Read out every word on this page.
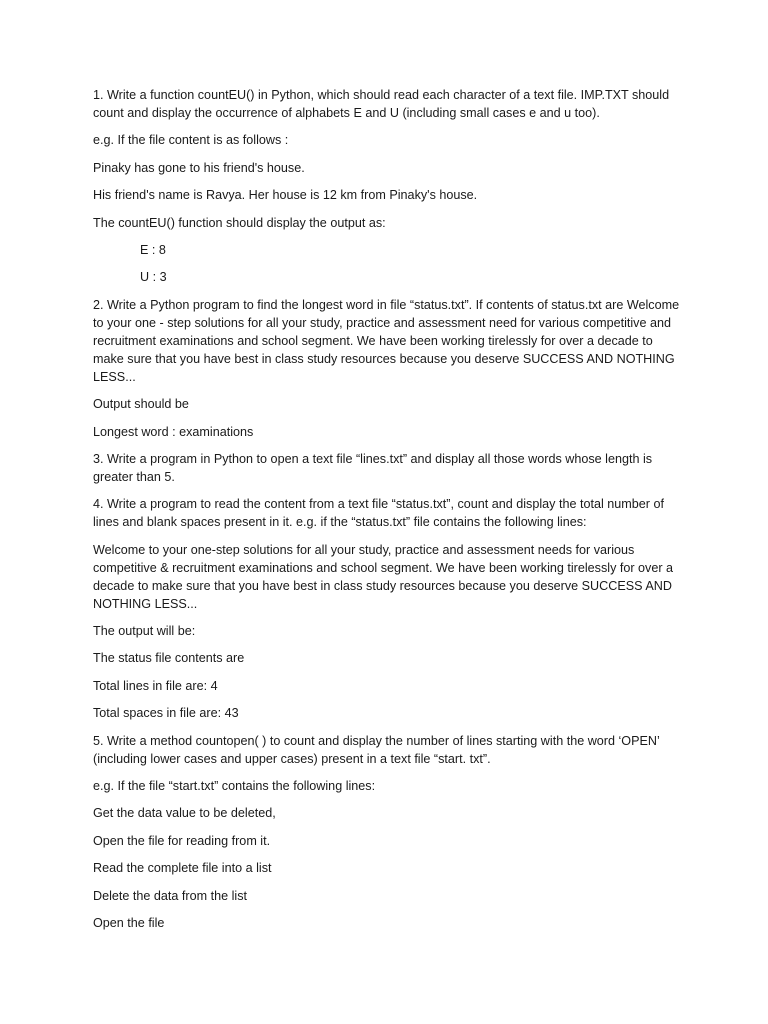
1. Write a function countEU() in Python, which should read each character of a text file. IMP.TXT should count and display the occurrence of alphabets E and U (including small cases e and u too).

e.g. If the file content is as follows :

Pinaky has gone to his friend's house.

His friend's name is Ravya. Her house is 12 km from Pinaky's house.

The countEU() function should display the output as:

E : 8

U : 3

2. Write a Python program to find the longest word in file “status.txt”. If contents of status.txt are Welcome to your one - step solutions for all your study, practice and assessment need for various competitive and recruitment examinations and school segment. We have been working tirelessly for over a decade to make sure that you have best in class study resources because you deserve SUCCESS AND NOTHING LESS...

Output should be

Longest word : examinations

3. Write a program in Python to open a text file “lines.txt” and display all those words whose length is greater than 5.

4. Write a program to read the content from a text file “status.txt”, count and display the total number of lines and blank spaces present in it. e.g. if the “status.txt” file contains the following lines:

Welcome to your one-step solutions for all your study, practice and assessment needs for various competitive & recruitment examinations and school segment. We have been working tirelessly for over a decade to make sure that you have best in class study resources because you deserve SUCCESS AND NOTHING LESS...

The output will be:

The status file contents are

Total lines in file are: 4

Total spaces in file are: 43

5. Write a method countopen( ) to count and display the number of lines starting with the word ‘OPEN’ (including lower cases and upper cases) present in a text file “start. txt”.

e.g. If the file “start.txt” contains the following lines:

Get the data value to be deleted,

Open the file for reading from it.

Read the complete file into a list

Delete the data from the list

Open the file
